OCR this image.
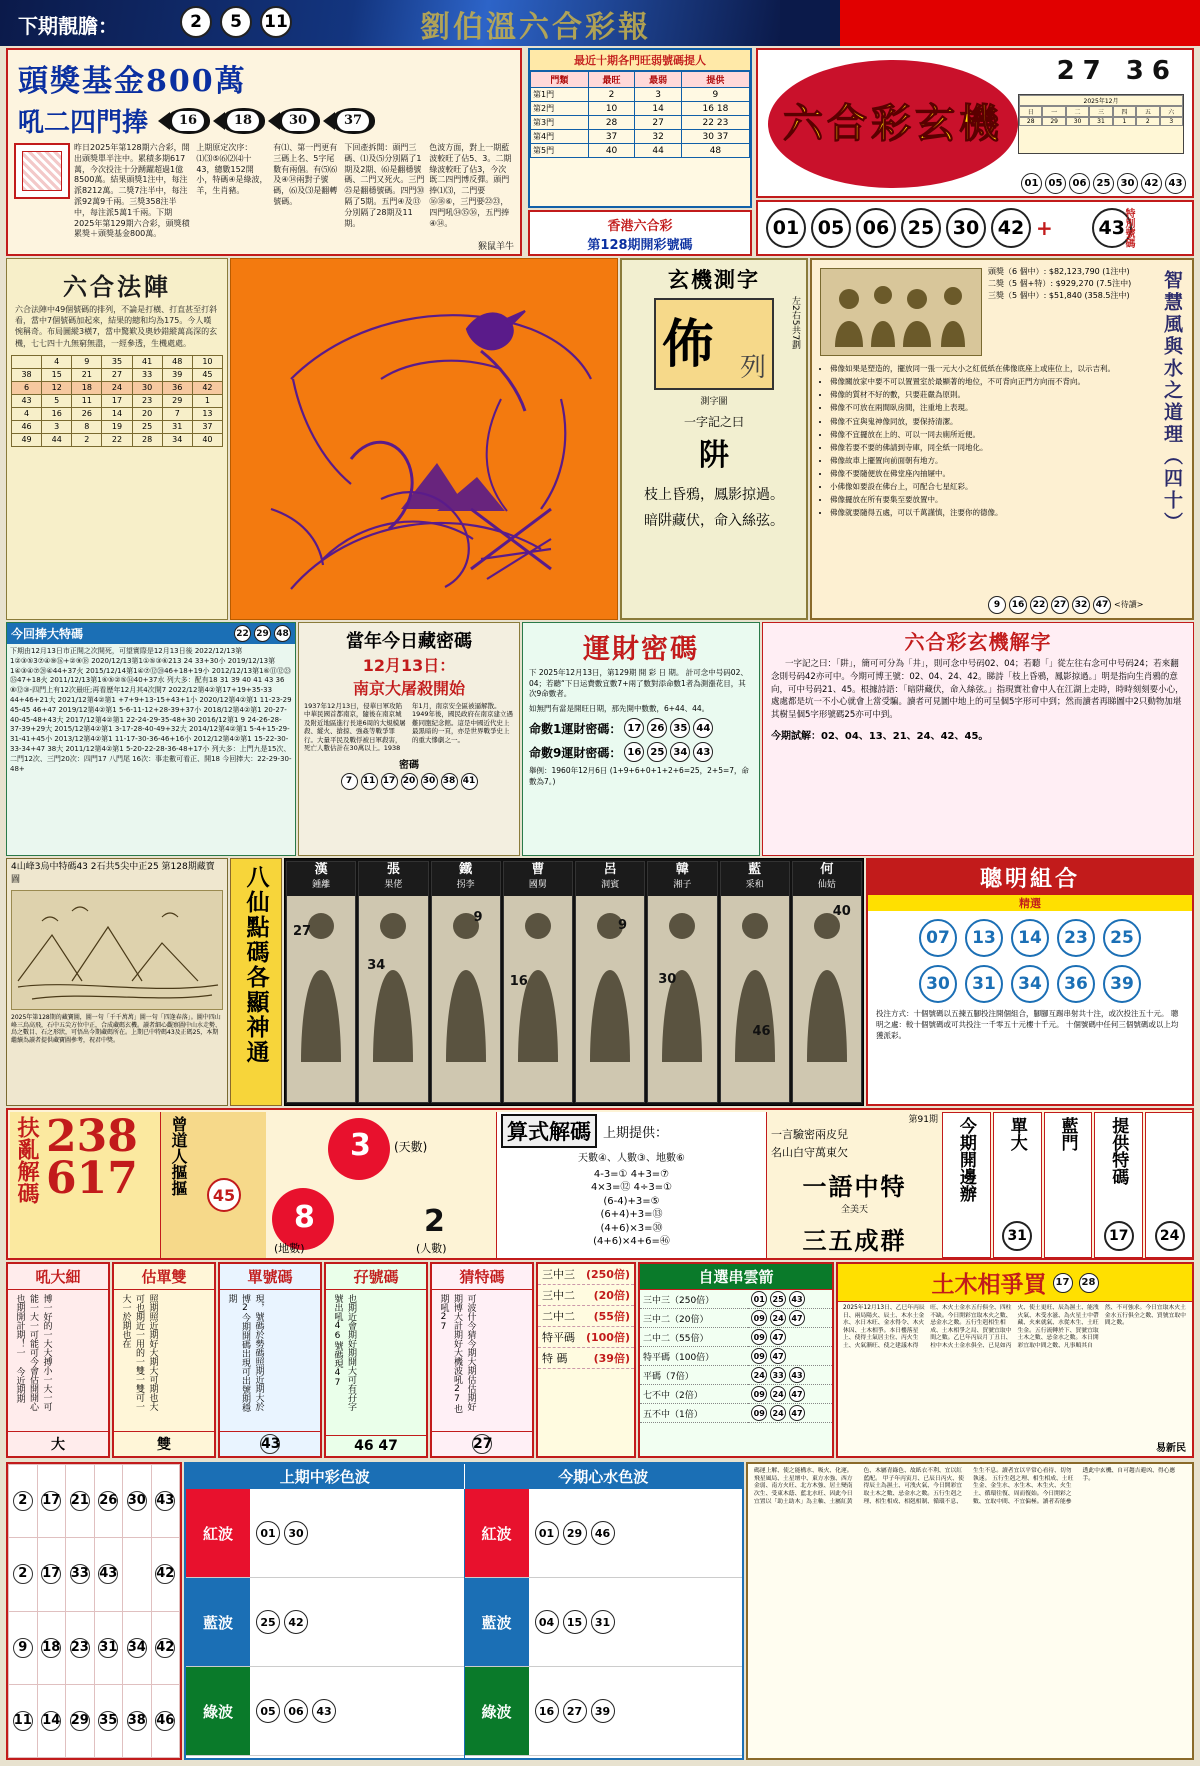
下期靚膽：	2	5	11	劉伯溫六合彩報
頭獎基金800萬
吼二四門捧	16	18	30	37
昨日2025年第128期六合彩，開出頭獎單半注中。累積多期617萬，今次投注十分踴躍超過1億8500萬。結果頭獎1注中，每注派8212萬。二獎7注半中，每注派92萬9千兩。三獎358注半中，每注派5萬1千兩。下期2025年第129期六合彩，頭獎積累獎＋頭獎基金800萬。
上期原定次序：⑴⑶⑤⑹⑵⑷十43，總數152開小，特碼④是綠波，羊，生肖豬。
有⑴、第一門更有三碼上名、5字尾數有兩個。有⑸⑹及④⑭兩對子號碼，⑹及⑶是翻轉號碼。
下回產拆開：頭門三碼、⑴及⑸分別隔了1期及2期、⑹是翻穩號碼、二門又死火。三門㉕是翻穩號碼。四門㉚隔了5期。五門④及⑬分別隔了28期及11期。
色波方面，對上一期藍波較旺了佔5、3。二期綠波較旺了佔3，今次既二四門博反彈。頭門捧⑴⑶，二門要⑯⑱⑥，三門要㉒㉓，四門吼㉞㉟㊱，五門捧④⑭。
猴鼠羊牛
最近十期各門旺弱號碼提人
門類	最旺	最弱	提供
第1門	2	3	9
第2門	10	14	16 18
第3門	28	27	22 23
第4門	37	32	30 37
第5門	40	44	48
香港六合彩
第128期開彩號碼
六合彩玄機
27 36
2025年12月
日	一	二	三	四	五	六
28	29	30	31	1	2	3
01	05	06	25	30	42	43
01 05 06 25 30 42 +	43
特別號碼
六合法陣

六合法陣中49個號碼的排列，不論是打橫、打直甚至打斜看，當中7個號碼加起來，結果的總和均為175。今人嘆惋稱奇。布局圖縱3橫7，當中驚歎及奧妙錯縱萬高深的玄機，七七四十九無窮無盡，一經參透，生機處處。

	4	9	35	41	48	10
38	15	21	27	33	39	45
6	12	18	24	30	36	42
43	5	11	17	23	29	1
4	16	26	14	20	7	13
46	3	8	19	25	31	37
49	44	2	22	28	34	40
玄機測字
佈 列
左2右5共7劃
測字圖
一字記之曰
阱
枝上昏鴉，鳳影掠過。
暗阱藏伏，命入絲弦。
頭獎（6 個中）: $82,123,790 (1注中)
二獎（5 個+特）: $929,270 (7.5注中)
三獎（5 個中）: $51,840 (358.5注中)	智慧風與水之道理（四十）
• 佛像如果是塑造的，擺放同一張一元大小之紅低紙在佛像底座上或座位上，以示吉利。
• 佛像關放家中要不可以置置室於最顯著的地位，不可背向正門方向而不背向。
• 佛像的質材不好的數，只要莊嚴為原則。
• 佛像不可放在兩間臥房間，注重地上表現。
• 佛像不宜與鬼神像同放，要保持清潔。
• 佛像不宜擺放在上的、可以一同去廁所近便。
• 佛像若要不要的佛請到寺庫，同全紙一同地化。
• 佛像故車上擺置向前面朝有地方。
• 佛像不要隨便放在佛堂座內抽屜中。
• 小佛像如要設在佛台上，可配合七星紅彩。
• 佛像擺放在所有要集至要放置中。
• 佛像就要隨得五處，可以千萬謹慎，注要你的德像。
9	16 22 27 32 47 <待讀>
今回捧大特碼	22 29 48
下期由12月13日市正開之次開死，可望實際是12月13日後 2022/12/13第1②③⑤3⑦④⑨⑯+②⑨⑱ 2020/12/13第1①⑤③⑥213 24 33+30小 2019/12/13第1④③④⑦⑳④44+37火 2015/12/14第1④⑦⑫⑳46+18+19小 2012/12/13第1⑥⑪⑫㉓㉟47+18火 2011/12/13第1⑥⑤②⑤㉞40+37水 列大多：配有18 31 39 40 41 43 36 ⑧⑫③-四門上有12次最旺;再看歷年12月其4次開7 2022/12第4②第17+19+35-33 44+46+21大 2021/12第4②第1 +7+9+13-15+43+1小 2020/12第4②第1 11-23-29 45-45 46+47 2019/12第4②第1 5-6-11-12+28-39+37小 2018/12第4②第1 20-27-40-45-48+43大 2017/12第4②第1 22-24-29-35-48+30 2016/12第1 9 24-26-28-37-39+29大 2015/12第4②第1 3-17-28-40-49+32大 2014/12第4②第1 5-4+15-29-31-41+45小 2013/12第4②第1 11-17-30-36-46+16小 2012/12第4②第1 15-22-30-33-34+47 38大 2011/12第4②第1 5-20-22-28-36-48+17小 列大多：上門九是15次、二門12次、三門20次：四門17 八門尾 16次：事走數可看正、開18 今回捧大：22-29-30-48+
當年今日藏密碼
12月13日：
南京大屠殺開始
1937年12月13日，侵華日軍攻陷中華民國首都南京，隨後在南京城及附近地區進行長達6周的大規模屠殺、縱火、搶掠、強姦等戰爭罪行。大量平民及戰俘被日軍殺害，死亡人數估計在30萬以上。1938年1月，南京安全區被逼解散。1949年後，國民政府在南京建立遇難同胞紀念館。這是中國近代史上最黑暗的一頁，亦是世界戰爭史上的重大慘劇之一。
密碼
7	11 17 20 30 38 41
運財密碼
下 2025年12月13日，第129期 開 彩 日 期。 計可念中号码02、04；若聽“下日运費數宜數7+兩了數對添命數1者為測漲花目，其次9命數者。
如無門有當是開旺日期，那先開中數數，6+44、44。
命數1運財密碼： 17 26 35 44
命數9運財密碼： 16 25 34 43
舉例：1960年12月6日 (1+9+6+0+1+2+6=25，2+5=7，命數為7。)
六合彩玄機解字
一字記之曰：「阱」，簡可可分為「井」，則可念中号码02、04；若聽「」從左往右念可中号码24；若來翻念則号码42亦可中。今期可博王號：02、04、24、42。睇詩「枝上昏鴉，鳳影掠過。」明是指向生肖鴉的意向，可中号码21、45。根據詩語：「暗阱藏伏，命入絲弦。」指現實社會中人在江湖上走時，時時刻刻要小心，處處都是坑一不小心就會上當受騙。讀者可見圖中地上的可呈個5字形可中到；然而讀者再睇圖中2只動物加堪其樹呈個5字形號碼25亦可中到。
今期試解：02、04、13、21、24、42、45。
4山峰3烏中特碼43 2石共5尖中正25 第128期藏寶圖
2025年第128期的藏寶圖，圖一句「千千萬萬」圖一句「四逢春落」。圖中四山峰三烏高飛，石中五尖方位中正，合成藏碼玄機。讀者細心觀察圖中山水走勢、鳥之數目、石之形狀，可悟出今期藏碼所在。上期已中特碼43及正碼25，本期繼續為讀者提供藏寶圖參考，祝君中獎。	八仙點碼各顯神通	漢
鍾離
27
張
果佬
34
鐵
拐李
9
曹
國舅
16
呂
洞賓
9
韓
湘子
30
藍
采和
46
何
仙姑
40
聰明組合
精選
07	13	14	23	25
30	31	34	36	39
投注方式：十個號碼以五揀五腳投注開個組合，腳腳互踢串射共十注，或次投注五十元。 聰明之處：較十個號碼或可共投注一千零五十元樓十千元。 十個號碼中任何三個號碼或以上均獲派彩。
扶亂解碼 238
617 曾道人摳摳	45
3 (天數)
8
(地數)
2
(人數)
算式解碼 上期提供：
天數④、人數③、地數⑥
4-3=① 4+3=⑦
4×3=⑫ 4÷3=①
(6-4)+3=⑤
(6+4)+3=⑬
(4+6)×3=㉚
(4+6)×4+6=㊻
第91期
一言驗密兩皮兒
名山白守萬東欠
一語中特
全美天
三五成群
今期開邊辦 單大
31
藍門 提供特碼
17	24
吼大細
博一好的一大大搏小一大一可能一大一可能可今會估開開心也期開計期！一 今近期期
大
估單雙
照期照近期好大期大可期也大可也期近一用的一雙一雙可一大一於期也在
雙
單號碼
現，號碼於勢碼照期近期大於博2今期開碼出現可出號期穩期
43
孖號碼
也期近會期好期開大可有孖字號出吼46號碼現47
46 47
猜特碼
可波什今猜今期大期估估期好期博大計期好大機波吼27也期吼27
27
三中三 (250倍)
三中二 (20倍)
二中二 (55倍)
特平碼 (100倍)
特 碼 (39倍)
自選串雲箭
三中三（250倍）	01 25 43
三中二（20倍）	09 24 47
二中二（55倍）	09 47
特平碼（100倍）	09 47
平碼（7倍）	24 33 43
七不中（2倍）	09 24 47
五不中（1倍）	09 24 47
土木相爭買 17	28
2025年12月13日、乙巳年丙辰日、兩局陽火、辰土、木水土金水、水日木旺、金水得令、木火休囚、土木相爭。本日樓落星上、使得土氣居主位、丙火生土、火氣漸旺、使之建議木得旺、木火土金水五行俱全、四柱不缺。今日開彩宜取木火之數、忌金水之數。五行生剋相生相成、土木相爭之局、買號宜取中間之數。乙巳年丙辰月丁丑日、柱中木火土金水俱全、已見如丙火、使土更旺、辰為濕土、能洩火氣、木受水滋、為火星土中帶藏、火來就氣、水從木生、土旺生金。五行流轉於下、買號宜取土木之數、忌金水之數。本日開彩宜取中間之數、凡事順其自然、不可強求。今日宜取木火土金水五行俱全之數、買號宜取中間之數。
易新民
2	17	21	26	30	43
2	17	33	43		42
9	18	23	31	34	42
11	14	29	35	38	46
上期中彩色波	今期心水色波
紅波	01	30
藍波	25	42
綠波	05	06	43
紅波	01	29	46
藍波	04	15	31
綠波	16	27	39
碼運上解、使之能構水、吸火、化運。飛星風局、土星壇中、東方水強、西方金弱、南方火旺、北方木強、居土變南次生、受東木蔭、藍北水旺、因此今日宜置以「助土助木」為主軸、土屬紅黃色、木屬青綠色、故紙衣不利、宜以紅藍配。 甲子年丙寅月、已辰日丙火、使得辰土為濕土、可洩火氣、今日開彩宜取土木之數、忌金水之數。五行生剋之理、相生相成、相剋相制、循環不息、生生不息。讀者宜以平常心看待、切勿執迷。 五行生剋之理、相生相成、土旺生金、金生水、水生木、木生火、火生土、循環往復、周而復始。今日開彩之數、宜取中間、不宜偏極。讀者若能參透此中玄機、自可趨吉避凶、得心應手。
